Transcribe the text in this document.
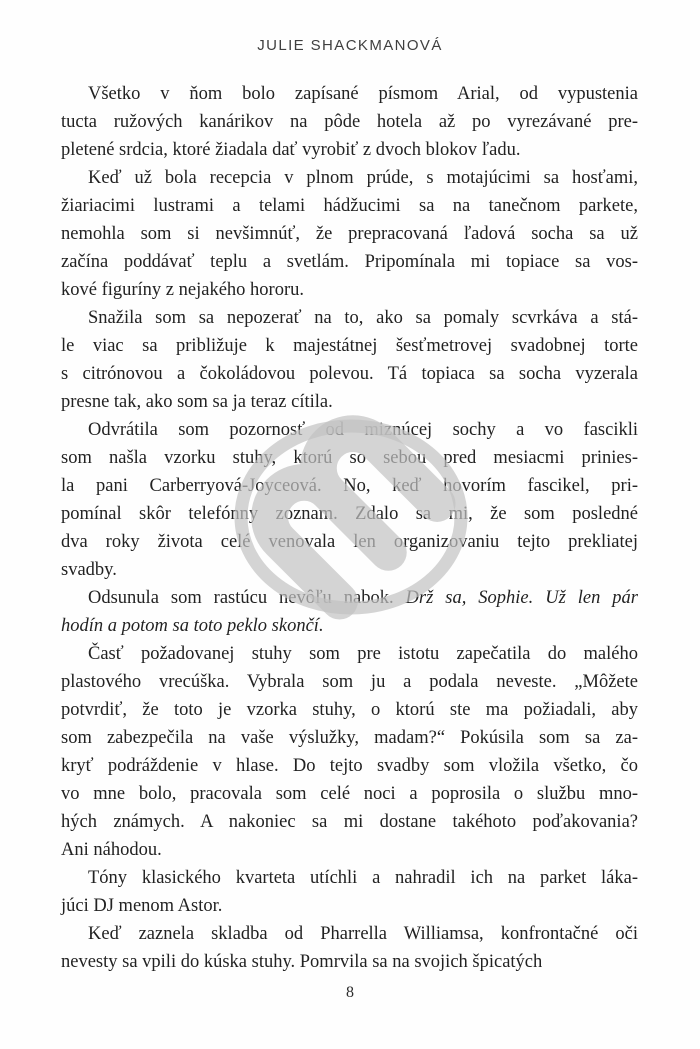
JULIE SHACKMANOVÁ
Všetko v ňom bolo zapísané písmom Arial, od vypustenia
tucta ružových kanárikov na pôde hotela až po vyrezávané pre-
pletené srdcia, ktoré žiadala dať vyrobiť z dvoch blokov ľadu.
Keď už bola recepcia v plnom prúde, s motajúcimi sa hosťami,
žiariacimi lustrami a telami hádžucimi sa na tanečnom parkete,
nemohla som si nevšimnúť, že prepracovaná ľadová socha sa už
začína poddávať teplu a svetlám. Pripomínala mi topiace sa vos-
kové figuríny z nejakého hororu.
Snažila som sa nepozerať na to, ako sa pomaly scvrkáva a stá-
le viac sa približuje k majestátnej šesťmetrovej svadobnej torte
s citrónovou a čokoládovou polevou. Tá topiaca sa socha vyzerala
presne tak, ako som sa ja teraz cítila.
Odvrátila som pozornosť od miznúcej sochy a vo fascikli
som našla vzorku stuhy, ktorú so sebou pred mesiacmi prinies-
la pani Carberryová-Joyceová. No, keď hovorím fascikel, pri-
pomínal skôr telefónny zoznam. Zdalo sa mi, že som posledné
dva roky života celé venovala len organizovaniu tejto prekliatej
svadby.
Odsunula som rastúcu nevôľu nabok. Drž sa, Sophie. Už len pár
hodín a potom sa toto peklo skončí.
Časť požadovanej stuhy som pre istotu zapečatila do malého
plastového vrecúška. Vybrala som ju a podala neveste. „Môžete
potvrdiť, že toto je vzorka stuhy, o ktorú ste ma požiadali, aby
som zabezpečila na vaše výslužky, madam?“ Pokúsila som sa za-
kryť podráždenie v hlase. Do tejto svadby som vložila všetko, čo
vo mne bolo, pracovala som celé noci a poprosila o službu mno-
hých známych. A nakoniec sa mi dostane takéhoto poďakovania?
Ani náhodou.
Tóny klasického kvarteta utíchli a nahradil ich na parket láka-
júci DJ menom Astor.
Keď zaznela skladba od Pharrella Williamsa, konfrontačné oči
nevesty sa vpili do kúska stuhy. Pomrvila sa na svojich špicatých
8
